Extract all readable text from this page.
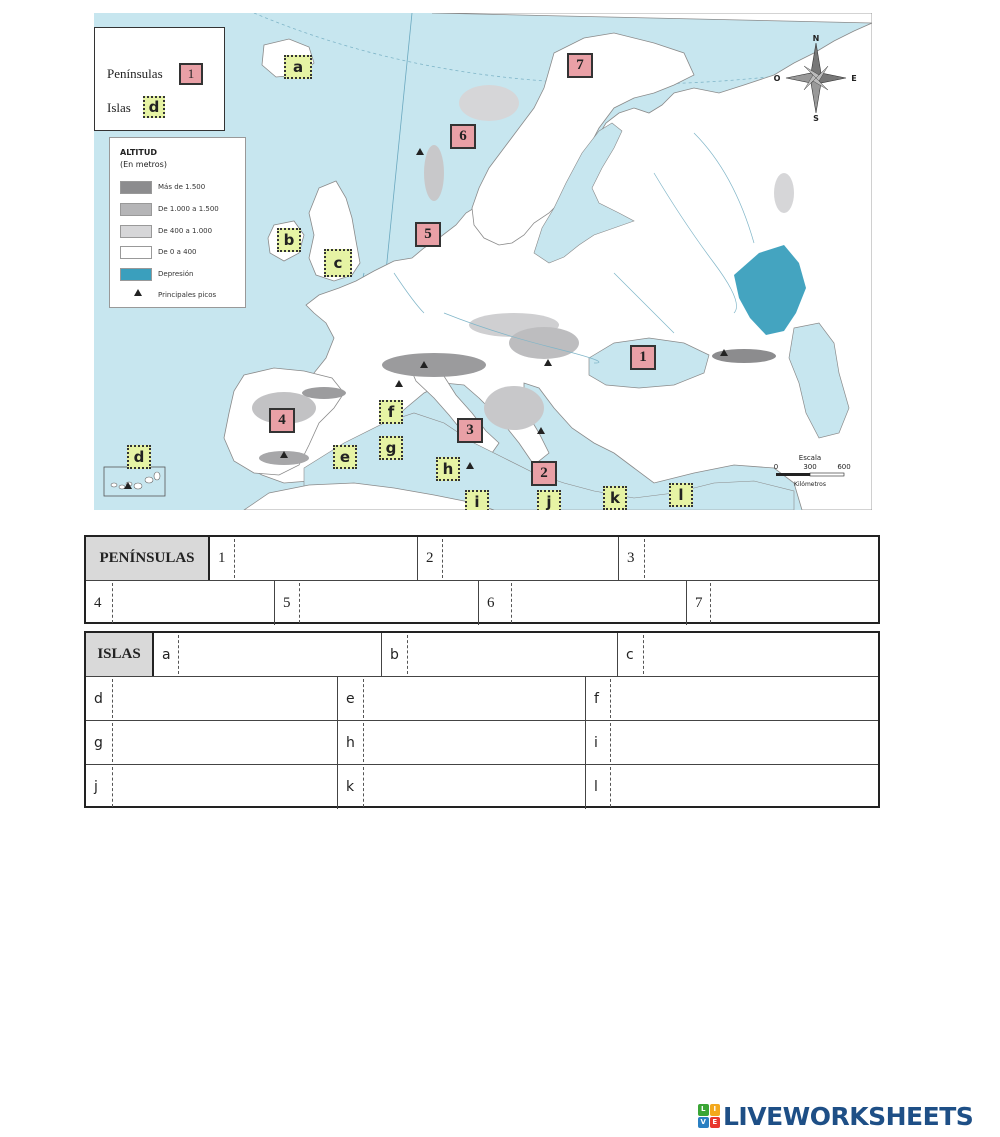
Penínsulas	1
Islas	d
ALTITUD
(En metros)
Más de 1.500
De 1.000 a 1.500
De 400 a 1.000
De 0 a 400
Depresión
Principales picos
N
S
E
O
Escala
0	300	600
Kilómetros
1
2
3
4
5
6
7
a
b
c
d	e
f
g
h
i	j	k	l
PENÍNSULAS	1	2	3
4	5	6	7
ISLAS	a	b	c
d	e	f
g	h	i
j	k	l
L	I
V E LIVEWORKSHEETS
